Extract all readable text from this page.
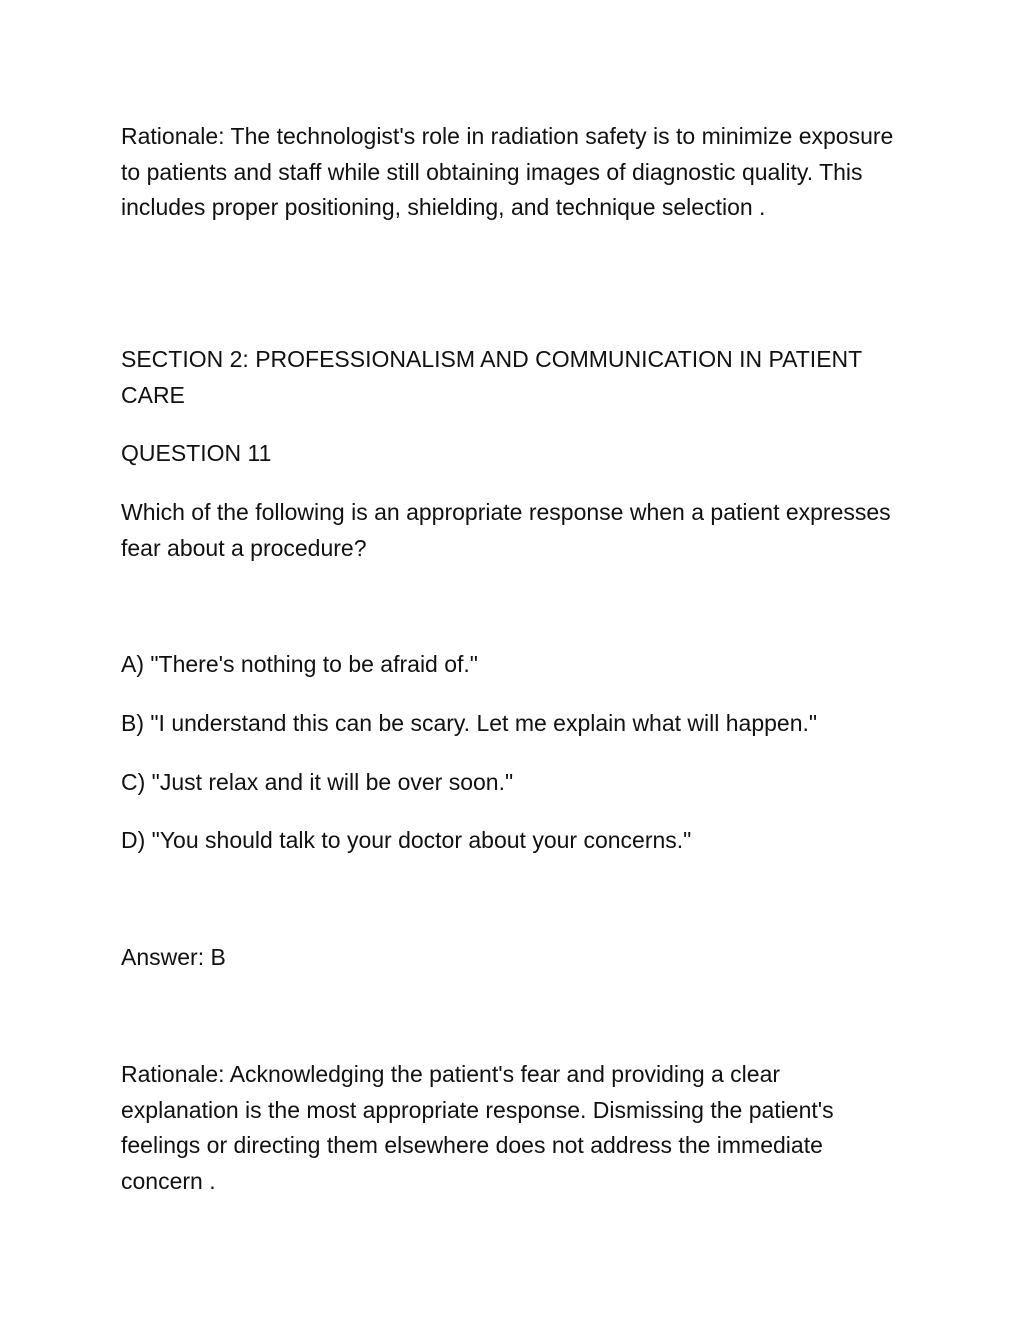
Rationale: The technologist's role in radiation safety is to minimize exposure to patients and staff while still obtaining images of diagnostic quality. This includes proper positioning, shielding, and technique selection .

SECTION 2: PROFESSIONALISM AND COMMUNICATION IN PATIENT CARE

QUESTION 11

Which of the following is an appropriate response when a patient expresses fear about a procedure?

A) "There's nothing to be afraid of."

B) "I understand this can be scary. Let me explain what will happen."

C) "Just relax and it will be over soon."

D) "You should talk to your doctor about your concerns."

Answer: B

Rationale: Acknowledging the patient's fear and providing a clear explanation is the most appropriate response. Dismissing the patient's feelings or directing them elsewhere does not address the immediate concern .
